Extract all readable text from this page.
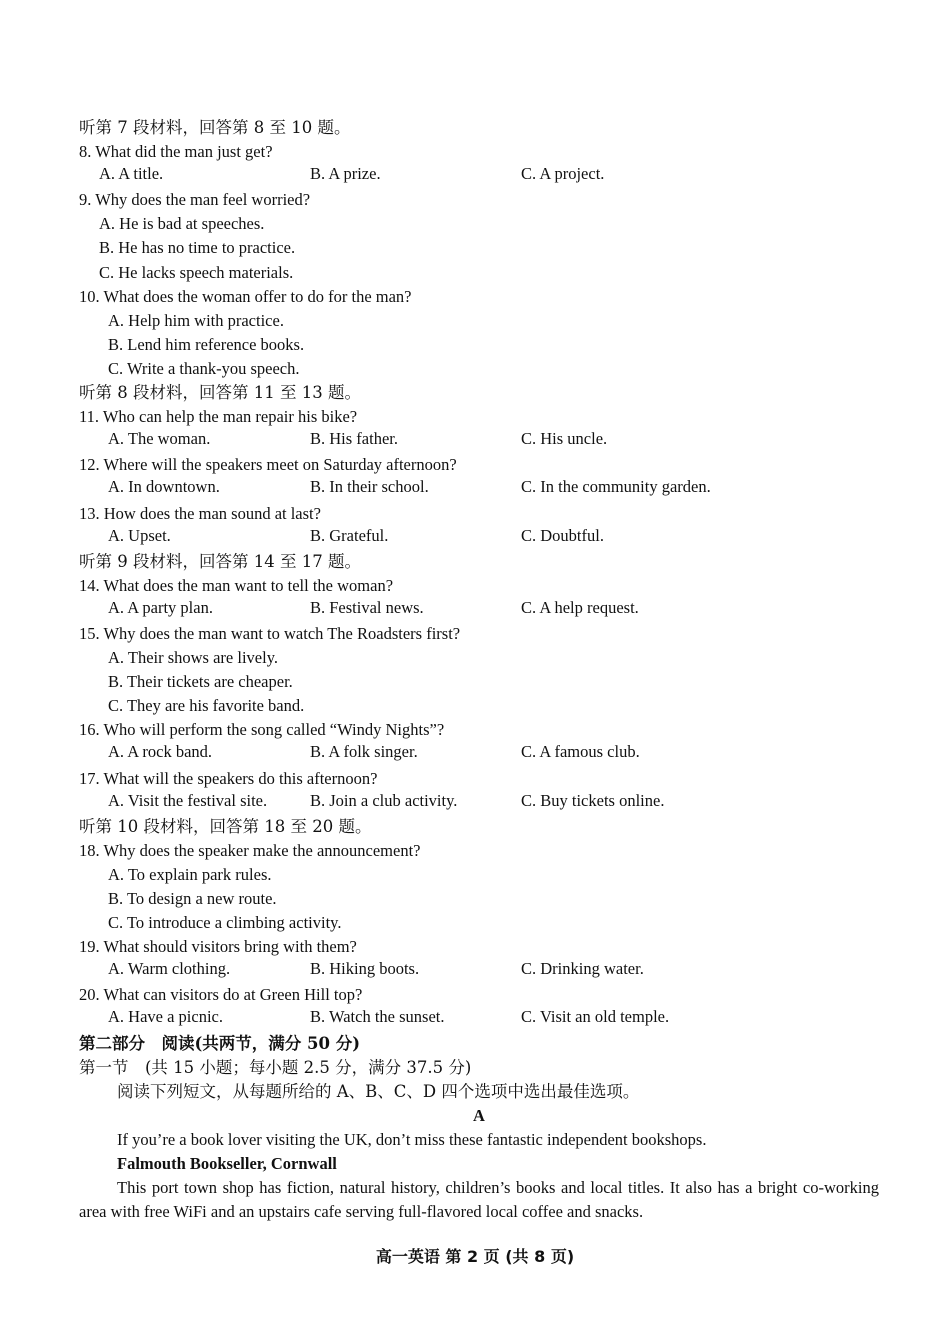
听第 7 段材料，回答第 8 至 10 题。
8. What did the man just get?
A. A title.	B. A prize.	C. A project.
9. Why does the man feel worried?
A. He is bad at speeches.
B. He has no time to practice.
C. He lacks speech materials.
10. What does the woman offer to do for the man?
A. Help him with practice.
B. Lend him reference books.
C. Write a thank-you speech.
听第 8 段材料，回答第 11 至 13 题。
11. Who can help the man repair his bike?
A. The woman.	B. His father.	C. His uncle.
12. Where will the speakers meet on Saturday afternoon?
A. In downtown.	B. In their school.	C. In the community garden.
13. How does the man sound at last?
A. Upset.	B. Grateful.	C. Doubtful.
听第 9 段材料，回答第 14 至 17 题。
14. What does the man want to tell the woman?
A. A party plan.	B. Festival news.	C. A help request.
15. Why does the man want to watch The Roadsters first?
A. Their shows are lively.
B. Their tickets are cheaper.
C. They are his favorite band.
16. Who will perform the song called “Windy Nights”?
A. A rock band.	B. A folk singer.	C. A famous club.
17. What will the speakers do this afternoon?
A. Visit the festival site.	B. Join a club activity.	C. Buy tickets online.
听第 10 段材料，回答第 18 至 20 题。
18. Why does the speaker make the announcement?
A. To explain park rules.
B. To design a new route.
C. To introduce a climbing activity.
19. What should visitors bring with them?
A. Warm clothing.	B. Hiking boots.	C. Drinking water.
20. What can visitors do at Green Hill top?
A. Have a picnic.	B. Watch the sunset.	C. Visit an old temple.
第二部分　阅读(共两节，满分 50 分)
第一节　(共 15 小题；每小题 2.5 分，满分 37.5 分)
阅读下列短文，从每题所给的 A、B、C、D 四个选项中选出最佳选项。
A
If you’re a book lover visiting the UK, don’t miss these fantastic independent bookshops.
Falmouth Bookseller, Cornwall
This port town shop has fiction, natural history, children’s books and local titles. It also has a bright co-working area with free WiFi and an upstairs cafe serving full-flavored local coffee and snacks.
高一英语 第 2 页 (共 8 页)
